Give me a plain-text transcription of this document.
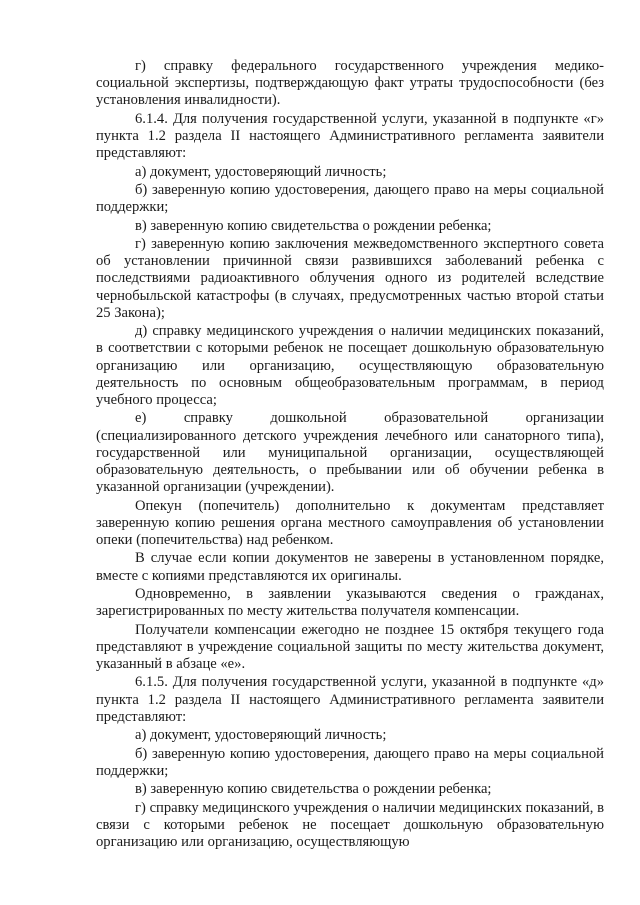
г) справку федерального государственного учреждения медико-социальной экспертизы, подтверждающую факт утраты трудоспособности (без установления инвалидности).

6.1.4. Для получения государственной услуги, указанной в подпункте «г» пункта 1.2 раздела II настоящего Административного регламента заявители представляют:

а) документ, удостоверяющий личность;

б) заверенную копию удостоверения, дающего право на меры социальной поддержки;

в) заверенную копию свидетельства о рождении ребенка;

г) заверенную копию заключения межведомственного экспертного совета об установлении причинной связи развившихся заболеваний ребенка с последствиями радиоактивного облучения одного из родителей вследствие чернобыльской катастрофы (в случаях, предусмотренных частью второй статьи 25 Закона);

д) справку медицинского учреждения о наличии медицинских показаний, в соответствии с которыми ребенок не посещает дошкольную образовательную организацию или организацию, осуществляющую образовательную деятельность по основным общеобразовательным программам, в период учебного процесса;

е) справку дошкольной образовательной организации (специализированного детского учреждения лечебного или санаторного типа), государственной или муниципальной организации, осуществляющей образовательную деятельность, о пребывании или об обучении ребенка в указанной организации (учреждении).

Опекун (попечитель) дополнительно к документам представляет заверенную копию решения органа местного самоуправления об установлении опеки (попечительства) над ребенком.

В случае если копии документов не заверены в установленном порядке, вместе с копиями представляются их оригиналы.

Одновременно, в заявлении указываются сведения о гражданах, зарегистрированных по месту жительства получателя компенсации.

Получатели компенсации ежегодно не позднее 15 октября текущего года представляют в учреждение социальной защиты по месту жительства документ, указанный в абзаце «е».

6.1.5. Для получения государственной услуги, указанной в подпункте «д» пункта 1.2 раздела II настоящего Административного регламента заявители представляют:

а) документ, удостоверяющий личность;

б) заверенную копию удостоверения, дающего право на меры социальной поддержки;

в) заверенную копию свидетельства о рождении ребенка;

г) справку медицинского учреждения о наличии медицинских показаний, в связи с которыми ребенок не посещает дошкольную образовательную организацию или организацию, осуществляющую
